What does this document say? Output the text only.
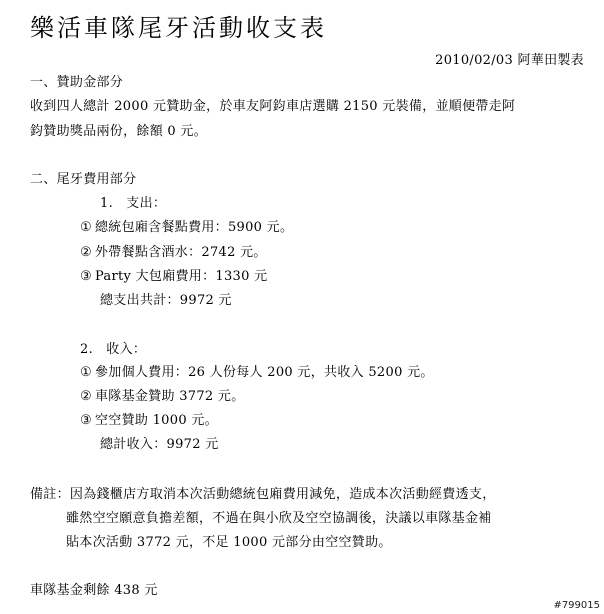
樂活車隊尾牙活動收支表
2010/02/03 阿華田製表
一、贊助金部分
收到四人總計 2000 元贊助金，於車友阿鈞車店選購 2150 元裝備，並順便帶走阿
鈞贊助獎品兩份，餘額 0 元。
二、尾牙費用部分
1.　支出：
① 總統包廂含餐點費用：5900 元。
② 外帶餐點含酒水：2742 元。
③ Party 大包廂費用：1330 元
總支出共計：9972 元
2.　收入：
① 參加個人費用：26 人份每人 200 元，共收入 5200 元。
② 車隊基金贊助 3772 元。
③ 空空贊助 1000 元。
總計收入：9972 元
備註：因為錢櫃店方取消本次活動總統包廂費用減免，造成本次活動經費透支，
雖然空空願意負擔差額，不過在與小欣及空空協調後，決議以車隊基金補
貼本次活動 3772 元，不足 1000 元部分由空空贊助。
車隊基金剩餘 438 元
#799015
